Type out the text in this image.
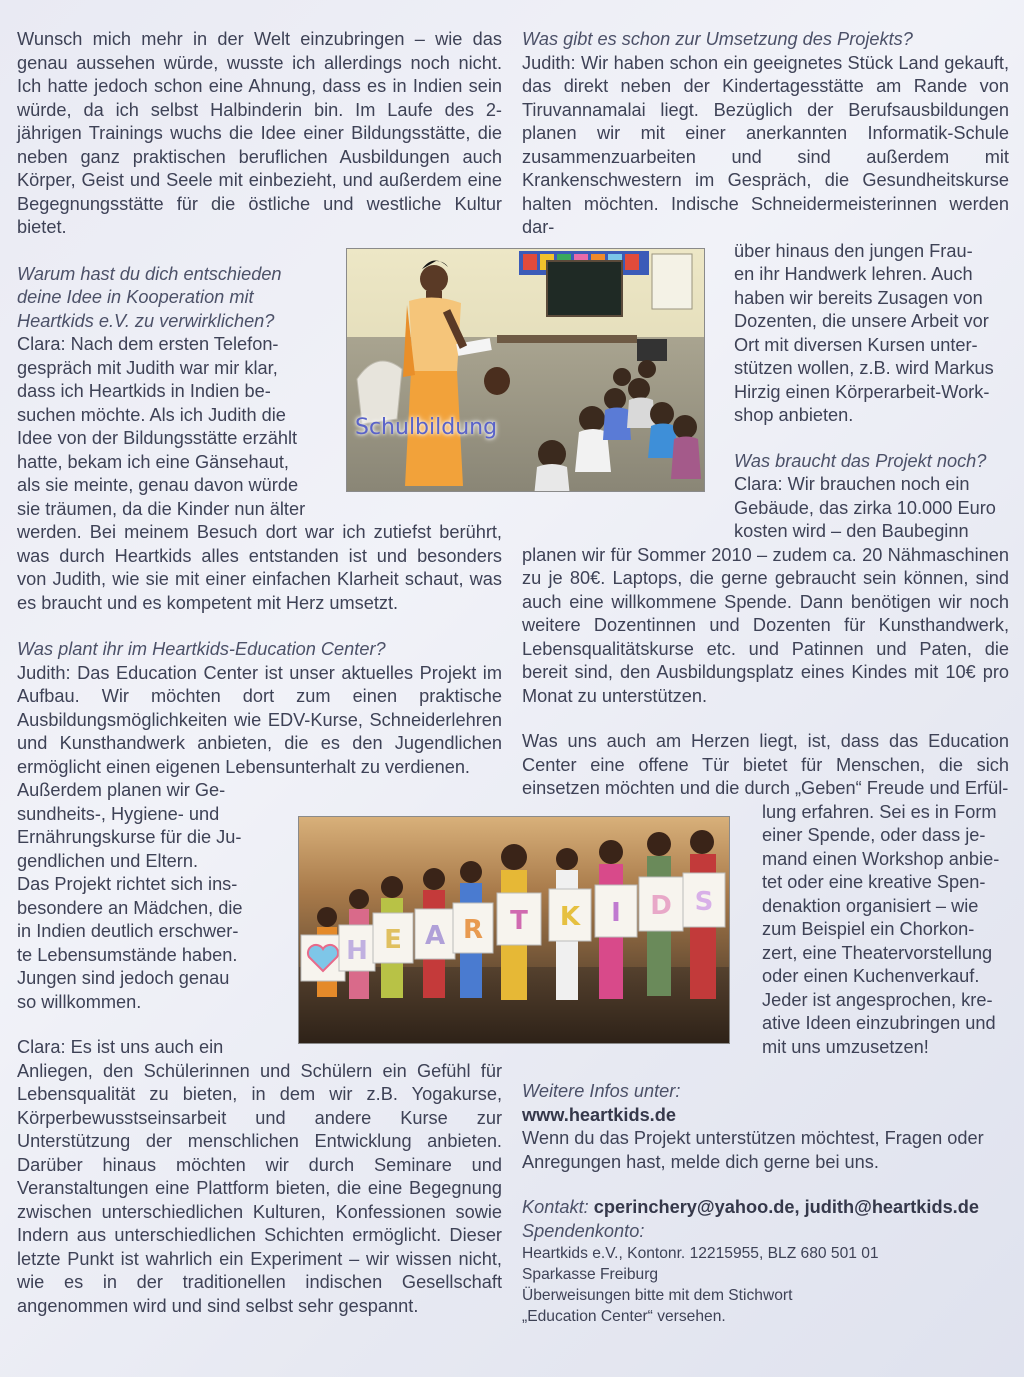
Wunsch mich mehr in der Welt einzubringen – wie das genau aussehen würde, wusste ich allerdings noch nicht. Ich hatte jedoch schon eine Ahnung, dass es in Indien sein würde, da ich selbst Halbinderin bin. Im Laufe des 2-jährigen Trainings wuchs die Idee einer Bildungsstätte, die neben ganz praktischen beruflichen Ausbildungen auch Körper, Geist und Seele mit einbezieht, und außerdem eine Begegnungsstätte für die östliche und westliche Kultur bietet.

Warum hast du dich entschieden deine Idee in Kooperation mit Heartkids e.V. zu verwirklichen?

Clara: Nach dem ersten Telefon-
gespräch mit Judith war mir klar,
dass ich Heartkids in Indien be-
suchen möchte. Als ich Judith die
Idee von der Bildungsstätte erzählt
hatte, bekam ich eine Gänsehaut,
als sie meinte, genau davon würde
sie träumen, da die Kinder nun älter

werden. Bei meinem Besuch dort war ich zutiefst berührt, was durch Heartkids alles entstanden ist und besonders von Judith, wie sie mit einer einfachen Klarheit schaut, was es braucht und es kompetent mit Herz umsetzt.

Was plant ihr im Heartkids-Education Center?

Judith: Das Education Center ist unser aktuelles Projekt im Aufbau. Wir möchten dort zum einen praktische Ausbildungsmöglichkeiten wie EDV-Kurse, Schneiderlehren und Kunsthandwerk anbieten, die es den Jugendlichen ermöglicht einen eigenen Lebensunterhalt zu verdienen.

Außerdem planen wir Ge-
sundheits-, Hygiene- und
Ernährungskurse für die Ju-
gendlichen und Eltern.
Das Projekt richtet sich ins-
besondere an Mädchen, die
in Indien deutlich erschwer-
te Lebensumstände haben.
Jungen sind jedoch genau
so willkommen.

Clara: Es ist uns auch ein

Anliegen, den Schülerinnen und Schülern ein Gefühl für Lebensqualität zu bieten, in dem wir z.B. Yogakurse, Körperbewusstseinsarbeit und andere Kurse zur Unterstützung der menschlichen Entwicklung anbieten. Darüber hinaus möchten wir durch Seminare und Veranstaltungen eine Plattform bieten, die eine Begegnung zwischen unterschiedlichen Kulturen, Konfessionen sowie Indern aus unterschiedlichen Schichten ermöglicht. Dieser letzte Punkt ist wahrlich ein Experiment – wir wissen nicht, wie es in der traditionellen indischen Gesellschaft angenommen wird und sind selbst sehr gespannt.

Schulbildung
H E A R T K I D S

Was gibt es schon zur Umsetzung des Projekts?

Judith: Wir haben schon ein geeignetes Stück Land gekauft, das direkt neben der Kindertagesstätte am Rande von Tiruvannamalai liegt. Bezüglich der Berufsausbildungen planen wir mit einer anerkannten Informatik-Schule zusammenzuarbeiten und sind außerdem mit Krankenschwestern im Gespräch, die Gesundheitskurse halten möchten. Indische Schneidermeisterinnen werden dar-

über hinaus den jungen Frau-
en ihr Handwerk lehren. Auch
haben wir bereits Zusagen von
Dozenten, die unsere Arbeit vor
Ort mit diversen Kursen unter-
stützen wollen, z.B. wird Markus
Hirzig einen Körperarbeit-Work-
shop anbieten.

Was braucht das Projekt noch?

Clara: Wir brauchen noch ein
Gebäude, das zirka 10.000 Euro
kosten wird – den Baubeginn

planen wir für Sommer 2010 – zudem ca. 20 Nähmaschinen zu je 80€. Laptops, die gerne gebraucht sein können, sind auch eine willkommene Spende. Dann benötigen wir noch weitere Dozentinnen und Dozenten für Kunsthandwerk, Lebensqualitätskurse etc. und Patinnen und Paten, die bereit sind, den Ausbildungsplatz eines Kindes mit 10€ pro Monat zu unterstützen.

Was uns auch am Herzen liegt, ist, dass das Education Center eine offene Tür bietet für Menschen, die sich einsetzen möchten und die durch „Geben“ Freude und Erfül-

lung erfahren. Sei es in Form
einer Spende, oder dass je-
mand einen Workshop anbie-
tet oder eine kreative Spen-
denaktion organisiert – wie
zum Beispiel ein Chorkon-
zert, eine Theatervorstellung
oder einen Kuchenverkauf.
Jeder ist angesprochen, kre-
ative Ideen einzubringen und
mit uns umzusetzen!
Weitere Infos unter:
www.heartkids.de
Wenn du das Projekt unterstützen möchtest, Fragen oder Anregungen hast, melde dich gerne bei uns.
Kontakt: cperinchery@yahoo.de, judith@heartkids.de
Spendenkonto:
Heartkids e.V., Kontonr. 12215955, BLZ 680 501 01
Sparkasse Freiburg
Überweisungen bitte mit dem Stichwort
„Education Center“ versehen.
